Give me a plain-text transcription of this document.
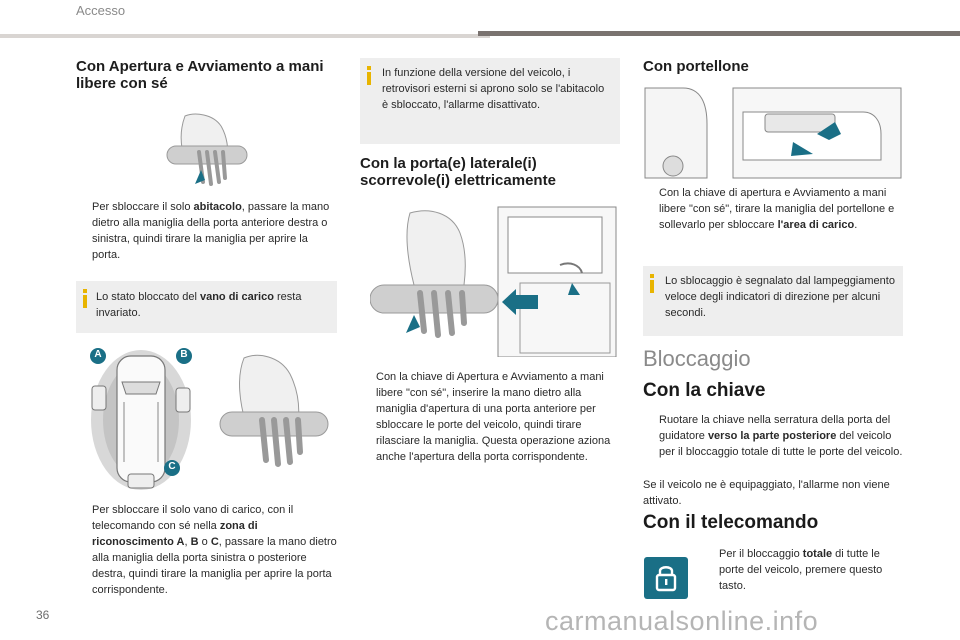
Accesso
Con Apertura e Avviamento a mani libere con sé
Per sbloccare il solo abitacolo, passare la mano dietro alla maniglia della porta anteriore destra o sinistra, quindi tirare la maniglia per aprire la porta.
Lo stato bloccato del vano di carico resta invariato.
A	B
C
Per sbloccare il solo vano di carico, con il telecomando con sé nella zona di riconoscimento A, B o C, passare la mano dietro alla maniglia della porta sinistra o posteriore destra, quindi tirare la maniglia per aprire la porta corrispondente.
In funzione della versione del veicolo, i retrovisori esterni si aprono solo se l'abitacolo è sbloccato, l'allarme disattivato.
Con la porta(e) laterale(i) scorrevole(i) elettricamente
Con la chiave di Apertura e Avviamento a mani libere "con sé", inserire la mano dietro alla maniglia d'apertura di una porta anteriore per sbloccare le porte del veicolo, quindi tirare rilasciare la maniglia. Questa operazione aziona anche l'apertura della porta corrispondente.
Con portellone
Con la chiave di apertura e Avviamento a mani libere "con sé", tirare la maniglia del portellone e sollevarlo per sbloccare l'area di carico.
Lo sblocaggio è segnalato dal lampeggiamento veloce degli indicatori di direzione per alcuni secondi.
Bloccaggio
Con la chiave
Ruotare la chiave nella serratura della porta del guidatore verso la parte posteriore del veicolo per il bloccaggio totale di tutte le porte del veicolo.
Se il veicolo ne è equipaggiato, l'allarme non viene attivato.
Con il telecomando
Per il bloccaggio totale di tutte le porte del veicolo, premere questo tasto.
36	carmanualsonline.info
